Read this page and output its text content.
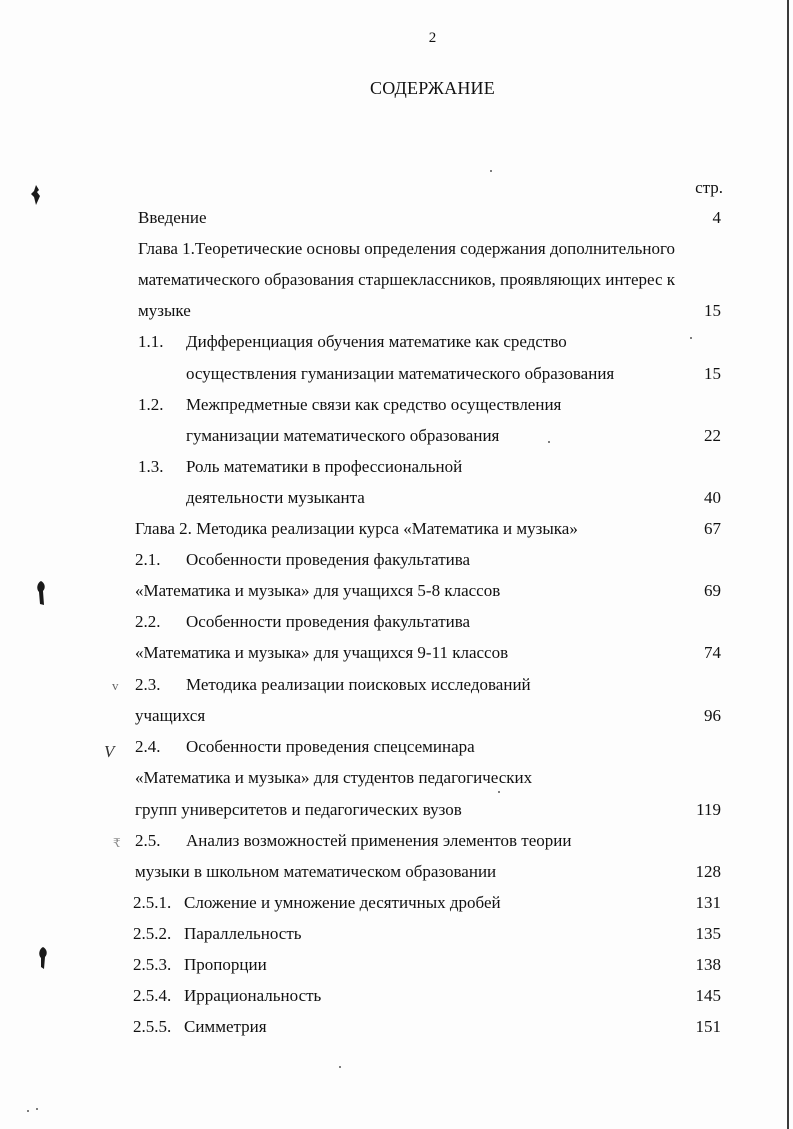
2
СОДЕРЖАНИЕ
стр.
Введение	4
Глава 1.Теоретические основы определения содержания дополнительного
математического образования старшеклассников, проявляющих интерес к
музыке	15
1.1. Дифференциация обучения математике как средство
осуществления гуманизации математического образования	15
1.2. Межпредметные связи как средство осуществления
гуманизации математического образования	22
1.3. Роль математики в профессиональной
деятельности музыканта	40
Глава 2. Методика реализации курса «Математика и музыка»	67
2.1. Особенности проведения факультатива
«Математика и музыка» для учащихся 5-8 классов	69
2.2. Особенности проведения факультатива
«Математика и музыка» для учащихся 9-11 классов	74
2.3. Методика реализации поисковых исследований
учащихся	96
2.4. Особенности проведения спецсеминара
«Математика и музыка» для студентов педагогических
групп университетов и педагогических вузов	119
2.5. Анализ возможностей применения элементов теории
музыки в школьном математическом образовании	128
2.5.1. Сложение и умножение десятичных дробей	131
2.5.2. Параллельность	135
2.5.3. Пропорции	138
2.5.4. Иррациональность	145
2.5.5. Симметрия	151
v
V
₹
